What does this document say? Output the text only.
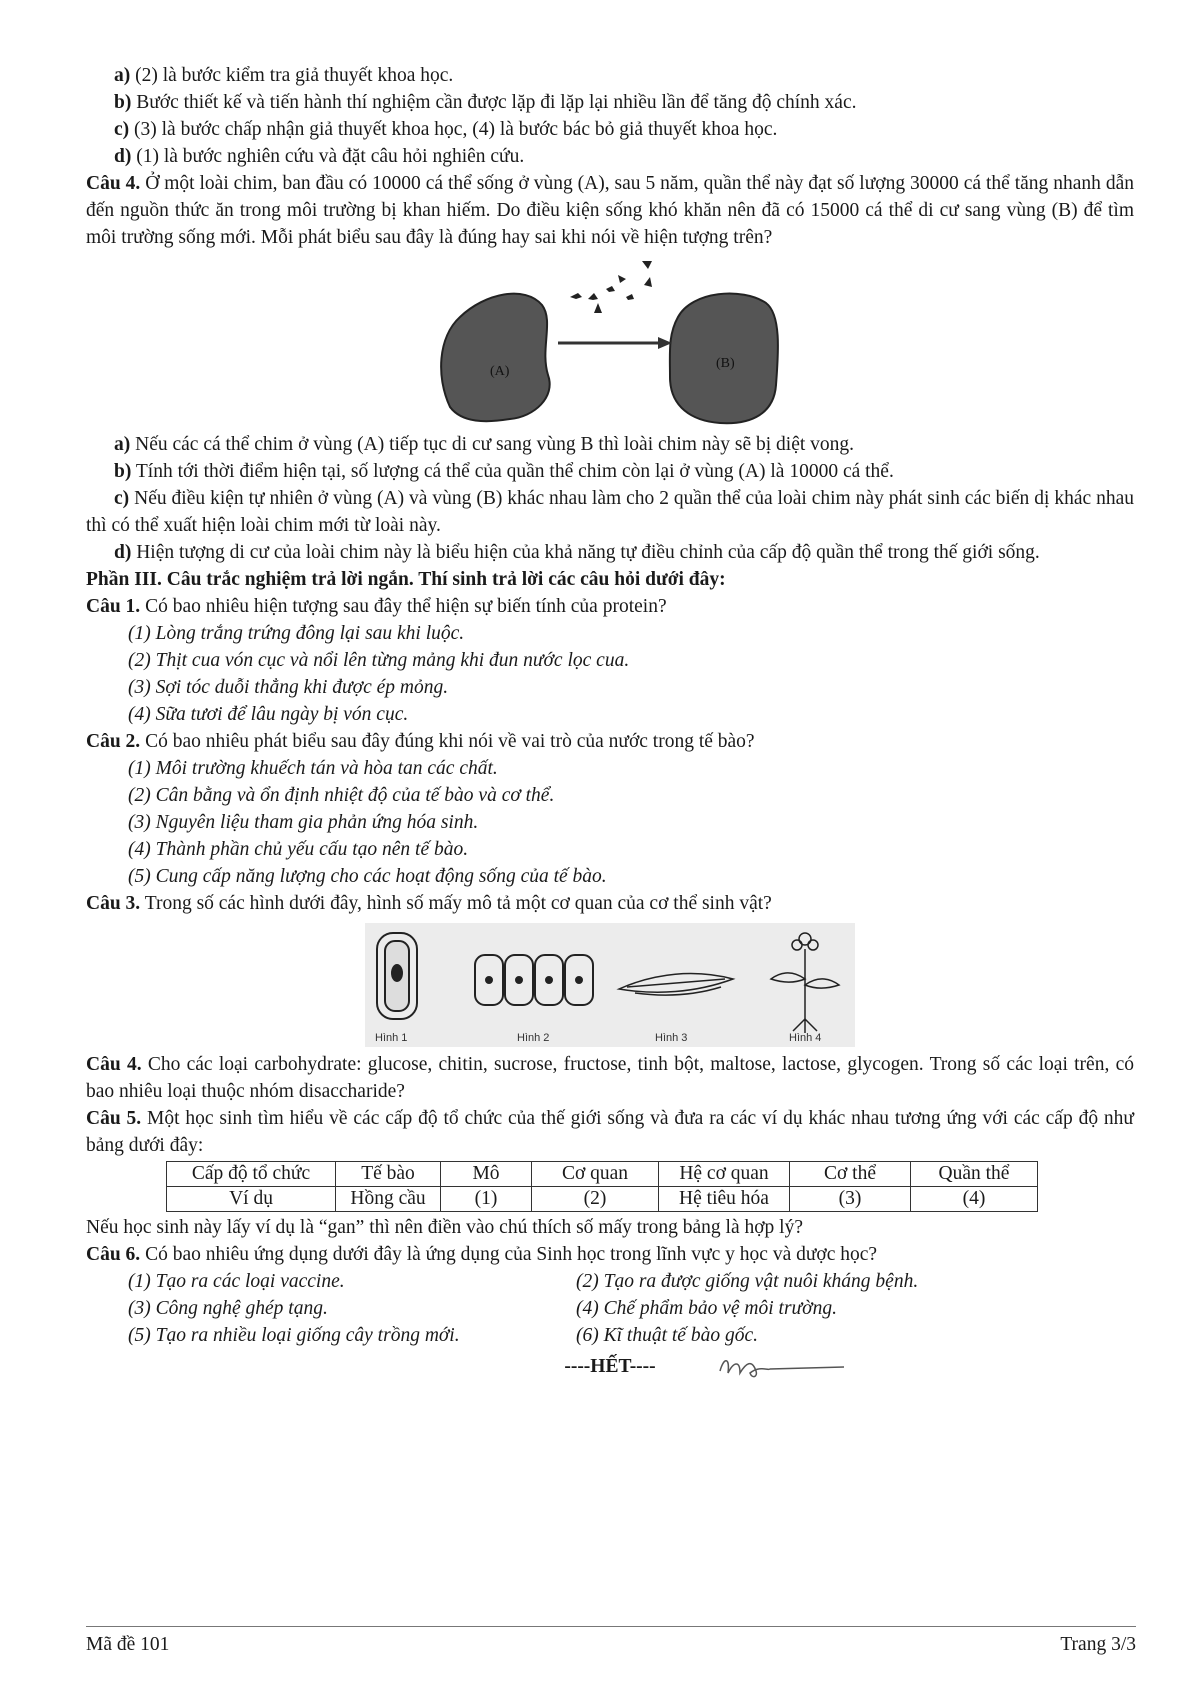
a) (2) là bước kiểm tra giả thuyết khoa học.

b) Bước thiết kế và tiến hành thí nghiệm cần được lặp đi lặp lại nhiều lần để tăng độ chính xác.

c) (3) là bước chấp nhận giả thuyết khoa học, (4) là bước bác bỏ giả thuyết khoa học.

d) (1) là bước nghiên cứu và đặt câu hỏi nghiên cứu.

Câu 4. Ở một loài chim, ban đầu có 10000 cá thể sống ở vùng (A), sau 5 năm, quần thể này đạt số lượng 30000 cá thể tăng nhanh dẫn đến nguồn thức ăn trong môi trường bị khan hiếm. Do điều kiện sống khó khăn nên đã có 15000 cá thể di cư sang vùng (B) để tìm môi trường sống mới. Mỗi phát biểu sau đây là đúng hay sai khi nói về hiện tượng trên?

(A)
(B)

a) Nếu các cá thể chim ở vùng (A) tiếp tục di cư sang vùng B thì loài chim này sẽ bị diệt vong.

b) Tính tới thời điểm hiện tại, số lượng cá thể của quần thể chim còn lại ở vùng (A) là 10000 cá thể.

c) Nếu điều kiện tự nhiên ở vùng (A) và vùng (B) khác nhau làm cho 2 quần thể của loài chim này phát sinh các biến dị khác nhau thì có thể xuất hiện loài chim mới từ loài này.

d) Hiện tượng di cư của loài chim này là biểu hiện của khả năng tự điều chỉnh của cấp độ quần thể trong thế giới sống.

Phần III. Câu trắc nghiệm trả lời ngắn. Thí sinh trả lời các câu hỏi dưới đây:

Câu 1. Có bao nhiêu hiện tượng sau đây thể hiện sự biến tính của protein?

(1) Lòng trắng trứng đông lại sau khi luộc.

(2) Thịt cua vón cục và nổi lên từng mảng khi đun nước lọc cua.

(3) Sợi tóc duỗi thẳng khi được ép mỏng.

(4) Sữa tươi để lâu ngày bị vón cục.

Câu 2. Có bao nhiêu phát biểu sau đây đúng khi nói về vai trò của nước trong tế bào?

(1) Môi trường khuếch tán và hòa tan các chất.

(2) Cân bằng và ổn định nhiệt độ của tế bào và cơ thể.

(3) Nguyên liệu tham gia phản ứng hóa sinh.

(4) Thành phần chủ yếu cấu tạo nên tế bào.

(5) Cung cấp năng lượng cho các hoạt động sống của tế bào.

Câu 3. Trong số các hình dưới đây, hình số mấy mô tả một cơ quan của cơ thể sinh vật?

Hình 1	Hình 2	Hình 3	Hình 4

Câu 4. Cho các loại carbohydrate: glucose, chitin, sucrose, fructose, tinh bột, maltose, lactose, glycogen. Trong số các loại trên, có bao nhiêu loại thuộc nhóm disaccharide?

Câu 5. Một học sinh tìm hiểu về các cấp độ tổ chức của thế giới sống và đưa ra các ví dụ khác nhau tương ứng với các cấp độ như bảng dưới đây:

Cấp độ tổ chức	Tế bào	Mô	Cơ quan	Hệ cơ quan	Cơ thể	Quần thể
Ví dụ	Hồng cầu	(1)	(2)	Hệ tiêu hóa	(3)	(4)

Nếu học sinh này lấy ví dụ là “gan” thì nên điền vào chú thích số mấy trong bảng là hợp lý?

Câu 6. Có bao nhiêu ứng dụng dưới đây là ứng dụng của Sinh học trong lĩnh vực y học và dược học?

(1) Tạo ra các loại vaccine.	(2) Tạo ra được giống vật nuôi kháng bệnh.
(3) Công nghệ ghép tạng.	(4) Chế phẩm bảo vệ môi trường.
(5) Tạo ra nhiều loại giống cây trồng mới.	(6) Kĩ thuật tế bào gốc.
----HẾT----
Mã đề 101	Trang 3/3
